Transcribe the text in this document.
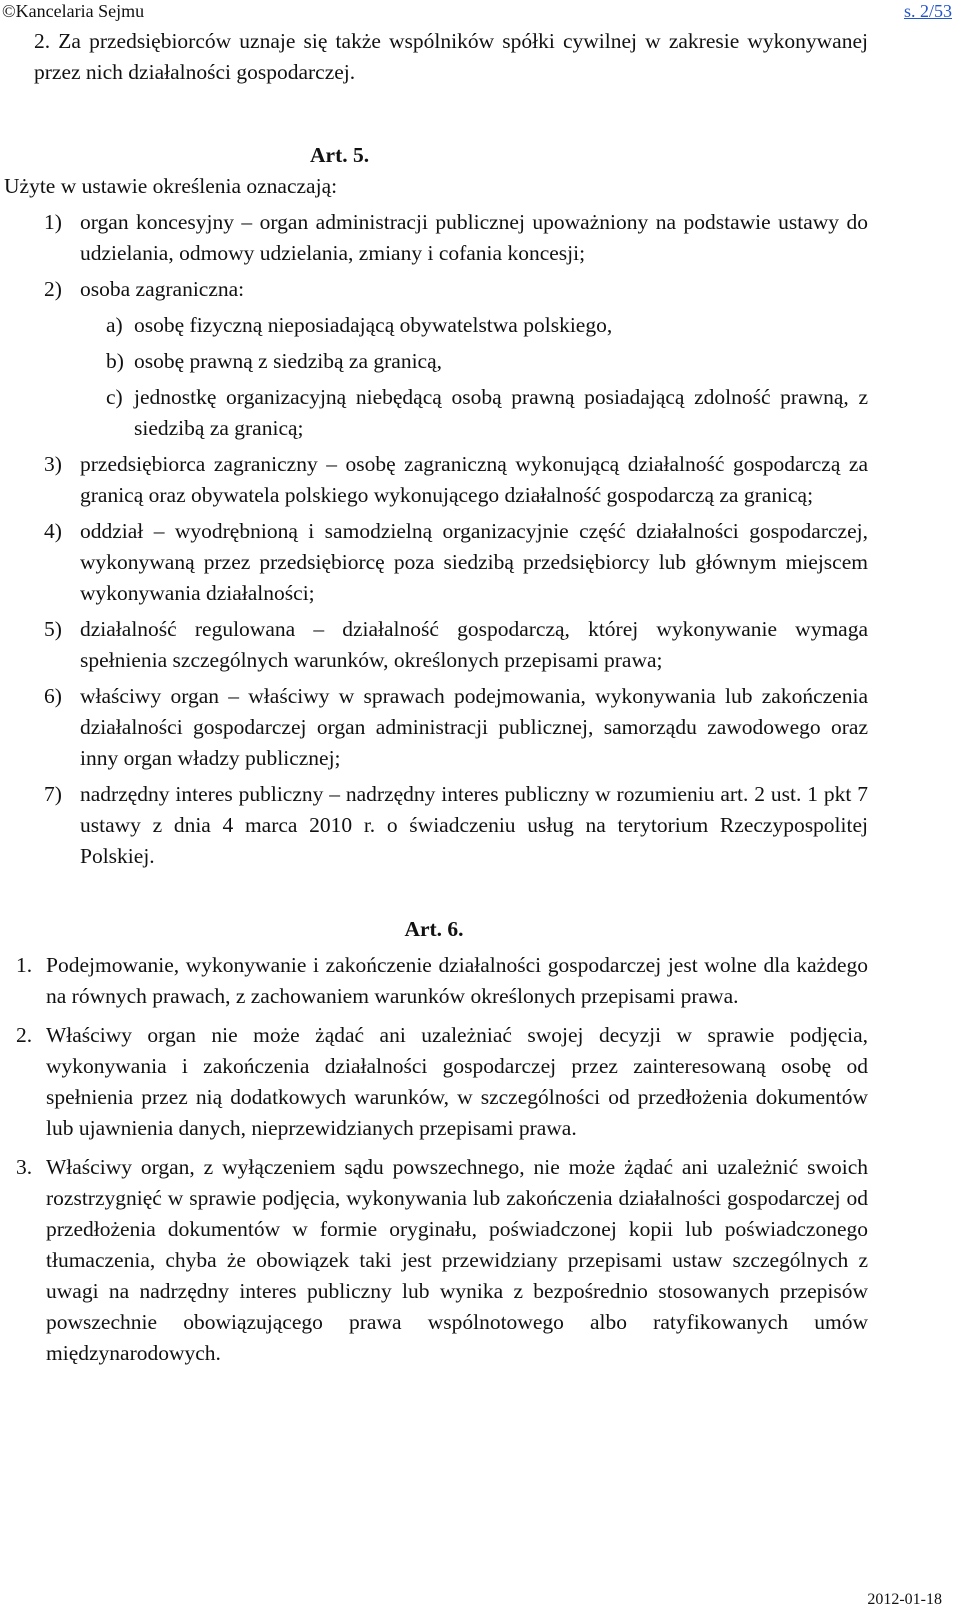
©Kancelaria Sejmu	s. 2/53

2. Za przedsiębiorców uznaje się także wspólników spółki cywilnej w zakresie wykonywanej przez nich działalności gospodarczej.

Art. 5.

Użyte w ustawie określenia oznaczają:

1) organ koncesyjny – organ administracji publicznej upoważniony na podstawie ustawy do udzielania, odmowy udzielania, zmiany i cofania koncesji;
2) osoba zagraniczna:
a) osobę fizyczną nieposiadającą obywatelstwa polskiego,
b) osobę prawną z siedzibą za granicą,
c) jednostkę organizacyjną niebędącą osobą prawną posiadającą zdolność prawną, z siedzibą za granicą;
3) przedsiębiorca zagraniczny – osobę zagraniczną wykonującą działalność gospodarczą za granicą oraz obywatela polskiego wykonującego działalność gospodarczą za granicą;
4) oddział – wyodrębnioną i samodzielną organizacyjnie część działalności gospodarczej, wykonywaną przez przedsiębiorcę poza siedzibą przedsiębiorcy lub głównym miejscem wykonywania działalności;
5) działalność regulowana – działalność gospodarczą, której wykonywanie wymaga spełnienia szczególnych warunków, określonych przepisami prawa;
6) właściwy organ – właściwy w sprawach podejmowania, wykonywania lub zakończenia działalności gospodarczej organ administracji publicznej, samorządu zawodowego oraz inny organ władzy publicznej;
7) nadrzędny interes publiczny – nadrzędny interes publiczny w rozumieniu art. 2 ust. 1 pkt 7 ustawy z dnia 4 marca 2010 r. o świadczeniu usług na terytorium Rzeczypospolitej Polskiej.

Art. 6.

1. Podejmowanie, wykonywanie i zakończenie działalności gospodarczej jest wolne dla każdego na równych prawach, z zachowaniem warunków określonych przepisami prawa.
2. Właściwy organ nie może żądać ani uzależniać swojej decyzji w sprawie podjęcia, wykonywania i zakończenia działalności gospodarczej przez zainteresowaną osobę od spełnienia przez nią dodatkowych warunków, w szczególności od przedłożenia dokumentów lub ujawnienia danych, nieprzewidzianych przepisami prawa.
3. Właściwy organ, z wyłączeniem sądu powszechnego, nie może żądać ani uzależnić swoich rozstrzygnięć w sprawie podjęcia, wykonywania lub zakończenia działalności gospodarczej od przedłożenia dokumentów w formie oryginału, poświadczonej kopii lub poświadczonego tłumaczenia, chyba że obowiązek taki jest przewidziany przepisami ustaw szczególnych z uwagi na nadrzędny interes publiczny lub wynika z bezpośrednio stosowanych przepisów powszechnie obowiązującego prawa wspólnotowego albo ratyfikowanych umów międzynarodowych.
2012-01-18
